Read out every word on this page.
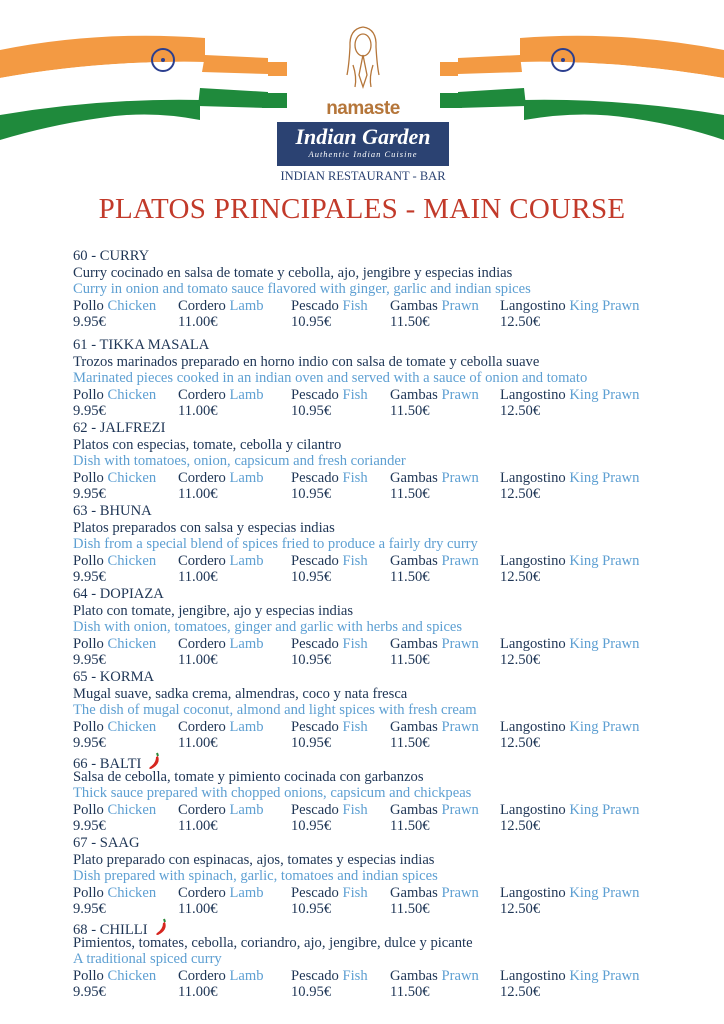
namaste
Indian Garden
Authentic Indian Cuisine
INDIAN RESTAURANT - BAR
PLATOS PRINCIPALES - MAIN COURSE
60 - CURRY
Curry cocinado en salsa de tomate y cebolla, ajo, jengibre y especias indias
Curry in onion and tomato sauce flavored with ginger, garlic and indian spices
Pollo Chicken Cordero Lamb Pescado Fish Gambas Prawn Langostino King Prawn
9.95€	11.00€	10.95€	11.50€	12.50€
61 - TIKKA MASALA
Trozos marinados preparado en horno indio con salsa de tomate y cebolla suave
Marinated pieces cooked in an indian oven and served with a sauce of onion and tomato
Pollo Chicken Cordero Lamb Pescado Fish Gambas Prawn Langostino King Prawn
9.95€	11.00€	10.95€	11.50€	12.50€
62 - JALFREZI
Platos con especias, tomate, cebolla y cilantro
Dish with tomatoes, onion, capsicum and fresh coriander
Pollo Chicken Cordero Lamb Pescado Fish Gambas Prawn Langostino King Prawn
9.95€	11.00€	10.95€	11.50€	12.50€
63 - BHUNA
Platos preparados con salsa y especias indias
Dish from a special blend of spices fried to produce a fairly dry curry
Pollo Chicken Cordero Lamb Pescado Fish Gambas Prawn Langostino King Prawn
9.95€	11.00€	10.95€	11.50€	12.50€
64 - DOPIAZA
Plato con tomate, jengibre, ajo y especias indias
Dish with onion, tomatoes, ginger and garlic with herbs and spices
Pollo Chicken Cordero Lamb Pescado Fish Gambas Prawn Langostino King Prawn
9.95€	11.00€	10.95€	11.50€	12.50€
65 - KORMA
Mugal suave, sadka crema, almendras, coco y nata fresca
The dish of mugal coconut, almond and light spices with fresh cream
Pollo Chicken Cordero Lamb Pescado Fish Gambas Prawn Langostino King Prawn
9.95€	11.00€	10.95€	11.50€	12.50€
66 - BALTI
Salsa de cebolla, tomate y pimiento cocinada con garbanzos
Thick sauce prepared with chopped onions, capsicum and chickpeas
Pollo Chicken Cordero Lamb Pescado Fish Gambas Prawn Langostino King Prawn
9.95€	11.00€	10.95€	11.50€	12.50€
67 - SAAG
Plato preparado con espinacas, ajos, tomates y especias indias
Dish prepared with spinach, garlic, tomatoes and indian spices
Pollo Chicken Cordero Lamb Pescado Fish Gambas Prawn Langostino King Prawn
9.95€	11.00€	10.95€	11.50€	12.50€
68 - CHILLI
Pimientos, tomates, cebolla, coriandro, ajo, jengibre, dulce y picante
A traditional spiced curry
Pollo Chicken Cordero Lamb Pescado Fish Gambas Prawn Langostino King Prawn
9.95€	11.00€	10.95€	11.50€	12.50€
